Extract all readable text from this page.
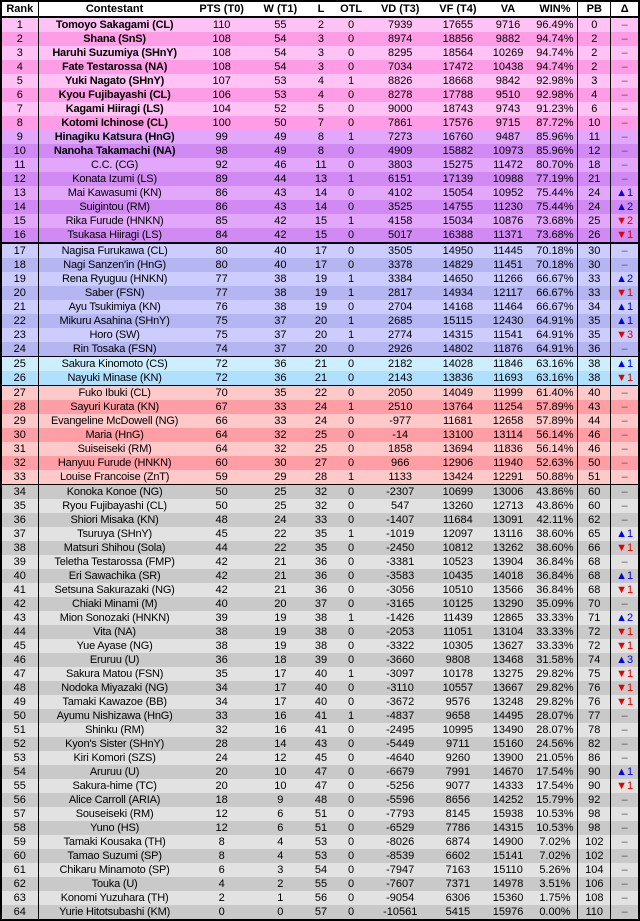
Rank	Contestant	PTS (T0)	W (T1)	L	OTL	VD (T3)	VF (T4)	VA	WIN%	PB	Δ
1	Tomoyo Sakagami (CL)	110	55	2	0	7939	17655	9716	96.49%	0	–
2	Shana (SnS)	108	54	3	0	8974	18856	9882	94.74%	2	–
3	Haruhi Suzumiya (SHnY)	108	54	3	0	8295	18564	10269	94.74%	2	–
4	Fate Testarossa (NA)	108	54	3	0	7034	17472	10438	94.74%	2	–
5	Yuki Nagato (SHnY)	107	53	4	1	8826	18668	9842	92.98%	3	–
6	Kyou Fujibayashi (CL)	106	53	4	0	8278	17788	9510	92.98%	4	–
7	Kagami Hiiragi (LS)	104	52	5	0	9000	18743	9743	91.23%	6	–
8	Kotomi Ichinose (CL)	100	50	7	0	7861	17576	9715	87.72%	10	–
9	Hinagiku Katsura (HnG)	99	49	8	1	7273	16760	9487	85.96%	11	–
10	Nanoha Takamachi (NA)	98	49	8	0	4909	15882	10973	85.96%	12	–
11	C.C. (CG)	92	46	11	0	3803	15275	11472	80.70%	18	–
12	Konata Izumi (LS)	89	44	13	1	6151	17139	10988	77.19%	21	–
13	Mai Kawasumi (KN)	86	43	14	0	4102	15054	10952	75.44%	24	▲1
14	Suigintou (RM)	86	43	14	0	3525	14755	11230	75.44%	24	▲2
15	Rika Furude (HNKN)	85	42	15	1	4158	15034	10876	73.68%	25	▼2
16	Tsukasa Hiiragi (LS)	84	42	15	0	5017	16388	11371	73.68%	26	▼1
17	Nagisa Furukawa (CL)	80	40	17	0	3505	14950	11445	70.18%	30	–
18	Nagi Sanzen'in (HnG)	80	40	17	0	3378	14829	11451	70.18%	30	–
19	Rena Ryuguu (HNKN)	77	38	19	1	3384	14650	11266	66.67%	33	▲2
20	Saber (FSN)	77	38	19	1	2817	14934	12117	66.67%	33	▼1
21	Ayu Tsukimiya (KN)	76	38	19	0	2704	14168	11464	66.67%	34	▲1
22	Mikuru Asahina (SHnY)	75	37	20	1	2685	15115	12430	64.91%	35	▲1
23	Horo (SW)	75	37	20	1	2774	14315	11541	64.91%	35	▼3
24	Rin Tosaka (FSN)	74	37	20	0	2926	14802	11876	64.91%	36	–
25	Sakura Kinomoto (CS)	72	36	21	0	2182	14028	11846	63.16%	38	▲1
26	Nayuki Minase (KN)	72	36	21	0	2143	13836	11693	63.16%	38	▼1
27	Fuko Ibuki (CL)	70	35	22	0	2050	14049	11999	61.40%	40	–
28	Sayuri Kurata (KN)	67	33	24	1	2510	13764	11254	57.89%	43	–
29	Evangeline McDowell (NG)	66	33	24	0	-977	11681	12658	57.89%	44	–
30	Maria (HnG)	64	32	25	0	-14	13100	13114	56.14%	46	–
31	Suiseiseki (RM)	64	32	25	0	1858	13694	11836	56.14%	46	–
32	Hanyuu Furude (HNKN)	60	30	27	0	966	12906	11940	52.63%	50	–
33	Louise Francoise (ZnT)	59	29	28	1	1133	13424	12291	50.88%	51	–
34	Konoka Konoe (NG)	50	25	32	0	-2307	10699	13006	43.86%	60	–
35	Ryou Fujibayashi (CL)	50	25	32	0	547	13260	12713	43.86%	60	–
36	Shiori Misaka (KN)	48	24	33	0	-1407	11684	13091	42.11%	62	–
37	Tsuruya (SHnY)	45	22	35	1	-1019	12097	13116	38.60%	65	▲1
38	Matsuri Shihou (Sola)	44	22	35	0	-2450	10812	13262	38.60%	66	▼1
39	Teletha Testarossa (FMP)	42	21	36	0	-3381	10523	13904	36.84%	68	–
40	Eri Sawachika (SR)	42	21	36	0	-3583	10435	14018	36.84%	68	▲1
41	Setsuna Sakurazaki (NG)	42	21	36	0	-3056	10510	13566	36.84%	68	▼1
42	Chiaki Minami (M)	40	20	37	0	-3165	10125	13290	35.09%	70	–
43	Mion Sonozaki (HNKN)	39	19	38	1	-1426	11439	12865	33.33%	71	▲2
44	Vita (NA)	38	19	38	0	-2053	11051	13104	33.33%	72	▼1
45	Yue Ayase (NG)	38	19	38	0	-3322	10305	13627	33.33%	72	▼1
46	Eruruu (U)	36	18	39	0	-3660	9808	13468	31.58%	74	▲3
47	Sakura Matou (FSN)	35	17	40	1	-3097	10178	13275	29.82%	75	▼1
48	Nodoka Miyazaki (NG)	34	17	40	0	-3110	10557	13667	29.82%	76	▼1
49	Tamaki Kawazoe (BB)	34	17	40	0	-3672	9576	13248	29.82%	76	▼1
50	Ayumu Nishizawa (HnG)	33	16	41	1	-4837	9658	14495	28.07%	77	–
51	Shinku (RM)	32	16	41	0	-2495	10995	13490	28.07%	78	–
52	Kyon's Sister (SHnY)	28	14	43	0	-5449	9711	15160	24.56%	82	–
53	Kiri Komori (SZS)	24	12	45	0	-4640	9260	13900	21.05%	86	–
54	Aruruu (U)	20	10	47	0	-6679	7991	14670	17.54%	90	▲1
55	Sakura-hime (TC)	20	10	47	0	-5256	9077	14333	17.54%	90	▼1
56	Alice Carroll (ARIA)	18	9	48	0	-5596	8656	14252	15.79%	92	–
57	Souseiseki (RM)	12	6	51	0	-7793	8145	15938	10.53%	98	–
58	Yuno (HS)	12	6	51	0	-6529	7786	14315	10.53%	98	–
59	Tamaki Kousaka (TH)	8	4	53	0	-8026	6874	14900	7.02%	102	–
60	Tamao Suzumi (SP)	8	4	53	0	-8539	6602	15141	7.02%	102	–
61	Chikaru Minamoto (SP)	6	3	54	0	-7947	7163	15110	5.26%	104	–
62	Touka (U)	4	2	55	0	-7607	7371	14978	3.51%	106	–
63	Konomi Yuzuhara (TH)	2	1	56	0	-9054	6306	15360	1.75%	108	–
64	Yurie Hitotsubashi (KM)	0	0	57	0	-10561	5415	15976	0.00%	110	–
